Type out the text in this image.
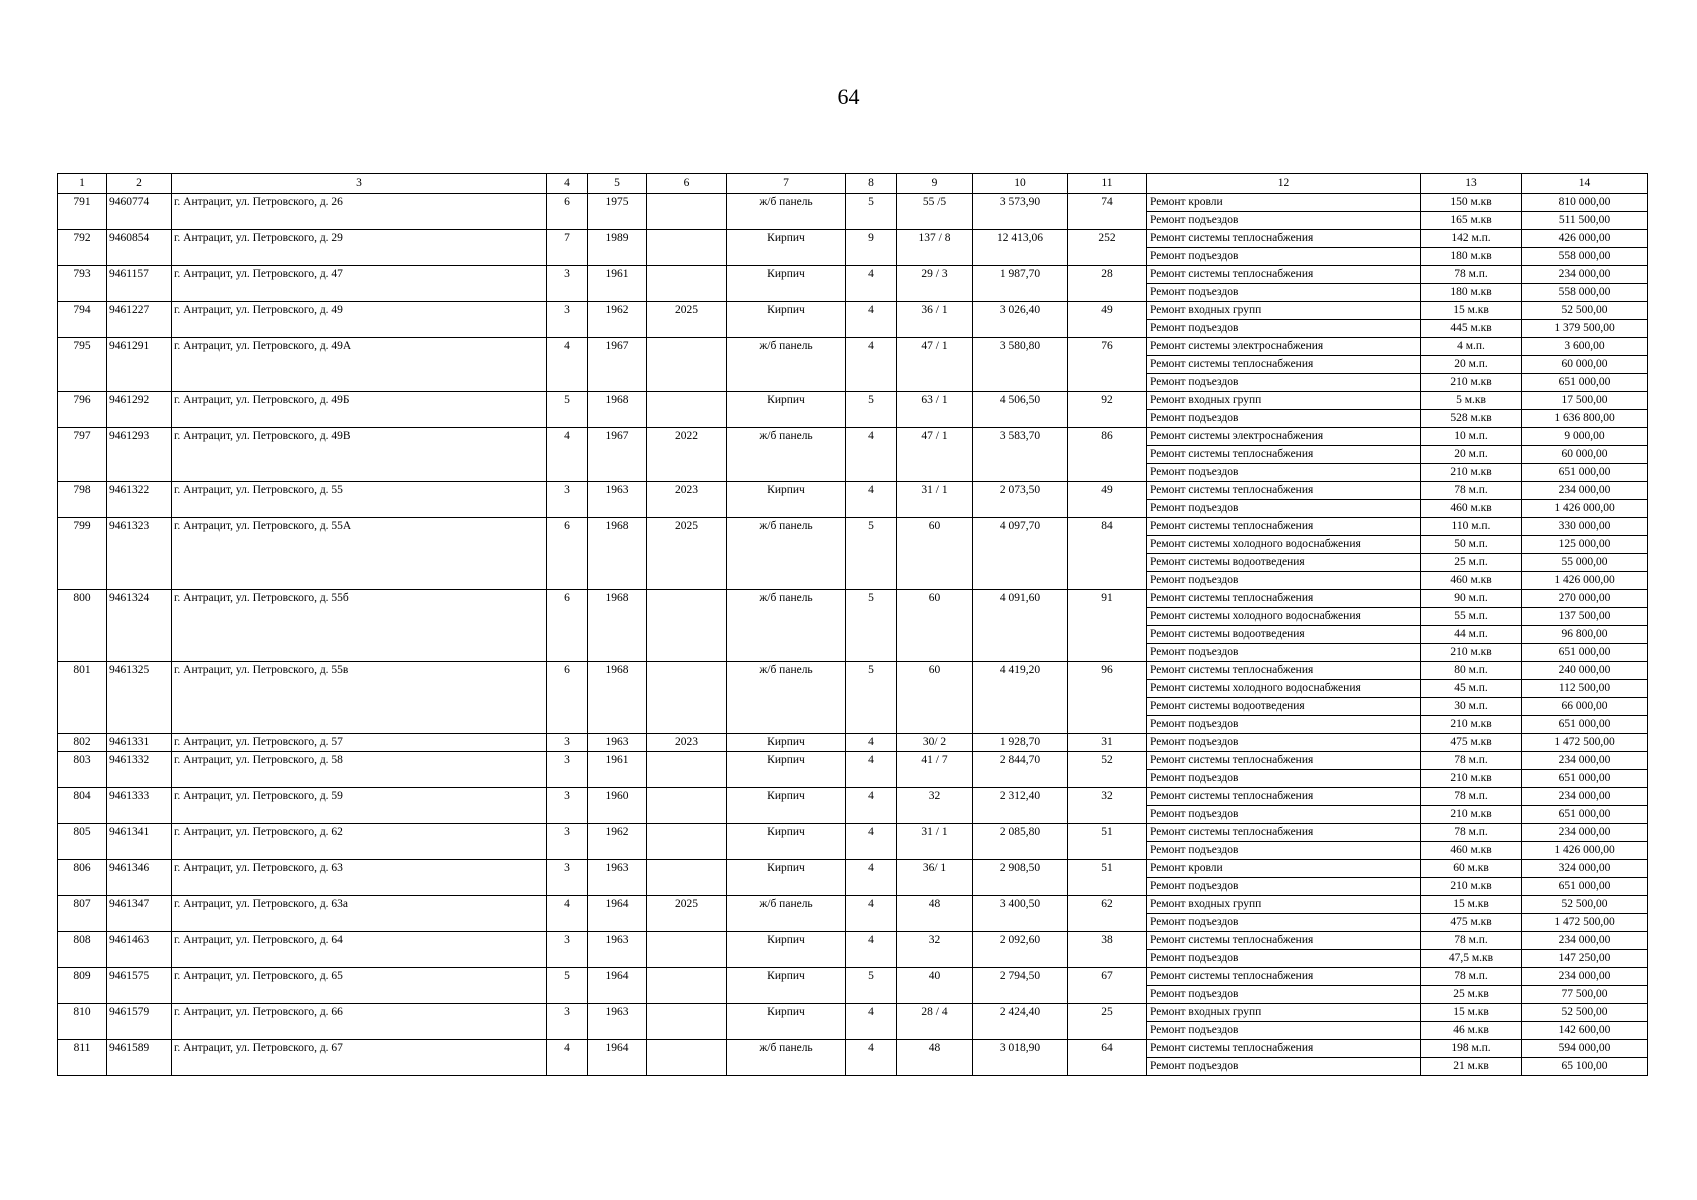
64
1	2	3	4	5	6	7	8	9	10	11	12	13	14
791	9460774	г. Антрацит, ул. Петровского, д. 26	6	1975		ж/б панель	5	55 /5	3 573,90	74	Ремонт кровли	150 м.кв	810 000,00
											Ремонт подъездов	165 м.кв	511 500,00
792	9460854	г. Антрацит, ул. Петровского, д. 29	7	1989		Кирпич	9	137 / 8	12 413,06	252	Ремонт системы теплоснабжения	142 м.п.	426 000,00
											Ремонт подъездов	180 м.кв	558 000,00
793	9461157	г. Антрацит, ул. Петровского, д. 47	3	1961		Кирпич	4	29 / 3	1 987,70	28	Ремонт системы теплоснабжения	78 м.п.	234 000,00
											Ремонт подъездов	180 м.кв	558 000,00
794	9461227	г. Антрацит, ул. Петровского, д. 49	3	1962	2025	Кирпич	4	36 / 1	3 026,40	49	Ремонт входных групп	15 м.кв	52 500,00
											Ремонт подъездов	445 м.кв	1 379 500,00
795	9461291	г. Антрацит, ул. Петровского, д. 49А	4	1967		ж/б панель	4	47 / 1	3 580,80	76	Ремонт системы электроснабжения	4 м.п.	3 600,00
											Ремонт системы теплоснабжения	20 м.п.	60 000,00
											Ремонт подъездов	210 м.кв	651 000,00
796	9461292	г. Антрацит, ул. Петровского, д. 49Б	5	1968		Кирпич	5	63 / 1	4 506,50	92	Ремонт входных групп	5 м.кв	17 500,00
											Ремонт подъездов	528 м.кв	1 636 800,00
797	9461293	г. Антрацит, ул. Петровского, д. 49В	4	1967	2022	ж/б панель	4	47 / 1	3 583,70	86	Ремонт системы электроснабжения	10 м.п.	9 000,00
											Ремонт системы теплоснабжения	20 м.п.	60 000,00
											Ремонт подъездов	210 м.кв	651 000,00
798	9461322	г. Антрацит, ул. Петровского, д. 55	3	1963	2023	Кирпич	4	31 / 1	2 073,50	49	Ремонт системы теплоснабжения	78 м.п.	234 000,00
											Ремонт подъездов	460 м.кв	1 426 000,00
799	9461323	г. Антрацит, ул. Петровского, д. 55А	6	1968	2025	ж/б панель	5	60	4 097,70	84	Ремонт системы теплоснабжения	110 м.п.	330 000,00
											Ремонт системы холодного водоснабжения	50 м.п.	125 000,00
											Ремонт системы водоотведения	25 м.п.	55 000,00
											Ремонт подъездов	460 м.кв	1 426 000,00
800	9461324	г. Антрацит, ул. Петровского, д. 55б	6	1968		ж/б панель	5	60	4 091,60	91	Ремонт системы теплоснабжения	90 м.п.	270 000,00
											Ремонт системы холодного водоснабжения	55 м.п.	137 500,00
											Ремонт системы водоотведения	44 м.п.	96 800,00
											Ремонт подъездов	210 м.кв	651 000,00
801	9461325	г. Антрацит, ул. Петровского, д. 55в	6	1968		ж/б панель	5	60	4 419,20	96	Ремонт системы теплоснабжения	80 м.п.	240 000,00
											Ремонт системы холодного водоснабжения	45 м.п.	112 500,00
											Ремонт системы водоотведения	30 м.п.	66 000,00
											Ремонт подъездов	210 м.кв	651 000,00
802	9461331	г. Антрацит, ул. Петровского, д. 57	3	1963	2023	Кирпич	4	30/ 2	1 928,70	31	Ремонт подъездов	475 м.кв	1 472 500,00
803	9461332	г. Антрацит, ул. Петровского, д. 58	3	1961		Кирпич	4	41 / 7	2 844,70	52	Ремонт системы теплоснабжения	78 м.п.	234 000,00
											Ремонт подъездов	210 м.кв	651 000,00
804	9461333	г. Антрацит, ул. Петровского, д. 59	3	1960		Кирпич	4	32	2 312,40	32	Ремонт системы теплоснабжения	78 м.п.	234 000,00
											Ремонт подъездов	210 м.кв	651 000,00
805	9461341	г. Антрацит, ул. Петровского, д. 62	3	1962		Кирпич	4	31 / 1	2 085,80	51	Ремонт системы теплоснабжения	78 м.п.	234 000,00
											Ремонт подъездов	460 м.кв	1 426 000,00
806	9461346	г. Антрацит, ул. Петровского, д. 63	3	1963		Кирпич	4	36/ 1	2 908,50	51	Ремонт кровли	60 м.кв	324 000,00
											Ремонт подъездов	210 м.кв	651 000,00
807	9461347	г. Антрацит, ул. Петровского, д. 63а	4	1964	2025	ж/б панель	4	48	3 400,50	62	Ремонт входных групп	15 м.кв	52 500,00
											Ремонт подъездов	475 м.кв	1 472 500,00
808	9461463	г. Антрацит, ул. Петровского, д. 64	3	1963		Кирпич	4	32	2 092,60	38	Ремонт системы теплоснабжения	78 м.п.	234 000,00
											Ремонт подъездов	47,5 м.кв	147 250,00
809	9461575	г. Антрацит, ул. Петровского, д. 65	5	1964		Кирпич	5	40	2 794,50	67	Ремонт системы теплоснабжения	78 м.п.	234 000,00
											Ремонт подъездов	25 м.кв	77 500,00
810	9461579	г. Антрацит, ул. Петровского, д. 66	3	1963		Кирпич	4	28 / 4	2 424,40	25	Ремонт входных групп	15 м.кв	52 500,00
											Ремонт подъездов	46 м.кв	142 600,00
811	9461589	г. Антрацит, ул. Петровского, д. 67	4	1964		ж/б панель	4	48	3 018,90	64	Ремонт системы теплоснабжения	198 м.п.	594 000,00
											Ремонт подъездов	21 м.кв	65 100,00
